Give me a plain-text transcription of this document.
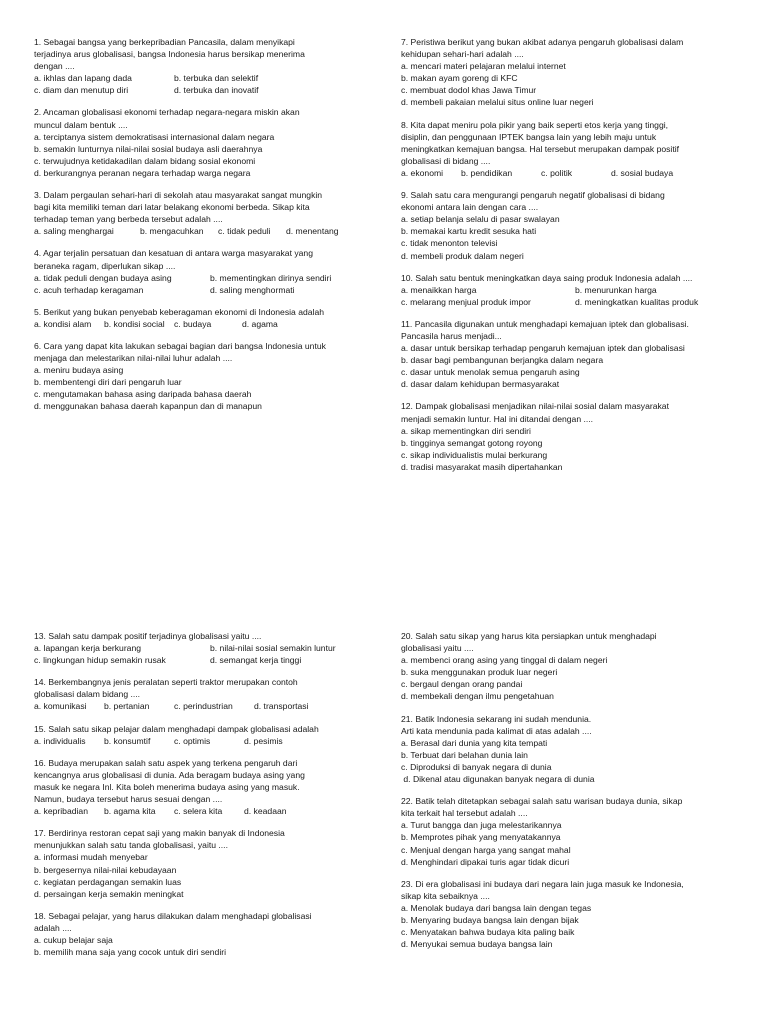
1. Sebagai bangsa yang berkepribadian Pancasila, dalam menyikapi
terjadinya arus globalisasi, bangsa Indonesia harus bersikap menerima
dengan ....
a. ikhlas dan lapang dada	b. terbuka dan selektif
c. diam dan menutup diri	d. terbuka dan inovatif
2. Ancaman globalisasi ekonomi terhadap negara-negara miskin akan
muncul dalam bentuk ....
a. terciptanya sistem demokratisasi internasional dalam negara
b. semakin lunturnya nilai-nilai sosial budaya asli daerahnya
c. terwujudnya ketidakadilan dalam bidang sosial ekonomi
d. berkurangnya peranan negara terhadap warga negara
3. Dalam pergaulan sehari-hari di sekolah atau masyarakat sangat mungkin
bagi kita memiliki teman dari latar belakang ekonomi berbeda. Sikap kita
terhadap teman yang berbeda tersebut adalah ....
a. saling menghargai	b. mengacuhkan c. tidak peduli d. menentang
4. Agar terjalin persatuan dan kesatuan di antara warga masyarakat yang
beraneka ragam, diperlukan sikap ....
a. tidak peduli dengan budaya asing	b. mementingkan dirinya sendiri
c. acuh terhadap keragaman	d. saling menghormati
5. Berikut yang bukan penyebab keberagaman ekonomi di Indonesia adalah
a. kondisi alam b. kondisi social c. budaya	d. agama
6. Cara yang dapat kita lakukan sebagai bagian dari bangsa Indonesia untuk
menjaga dan melestarikan nilai-nilai luhur adalah ....
a. meniru budaya asing
b. membentengi diri dari pengaruh luar
c. mengutamakan bahasa asing daripada bahasa daerah
d. menggunakan bahasa daerah kapanpun dan di manapun
7. Peristiwa berikut yang bukan akibat adanya pengaruh globalisasi dalam
kehidupan sehari-hari adalah ....
a. mencari materi pelajaran melalui internet
b. makan ayam goreng di KFC
c. membuat dodol khas Jawa Timur
d. membeli pakaian melalui situs online luar negeri
8. Kita dapat meniru pola pikir yang baik seperti etos kerja yang tinggi,
disiplin, dan penggunaan IPTEK bangsa lain yang lebih maju untuk
meningkatkan kemajuan bangsa. Hal tersebut merupakan dampak positif
globalisasi di bidang ....
a. ekonomi b. pendidikan	c. politik	d. sosial budaya
9. Salah satu cara mengurangi pengaruh negatif globalisasi di bidang
ekonomi antara lain dengan cara ....
a. setiap belanja selalu di pasar swalayan
b. memakai kartu kredit sesuka hati
c. tidak menonton televisi
d. membeli produk dalam negeri
10. Salah satu bentuk meningkatkan daya saing produk Indonesia adalah ....
a. menaikkan harga	b. menurunkan harga
c. melarang menjual produk impor	d. meningkatkan kualitas produk
11. Pancasila digunakan untuk menghadapi kemajuan iptek dan globalisasi.
Pancasila harus menjadi...
a. dasar untuk bersikap terhadap pengaruh kemajuan iptek dan globalisasi
b. dasar bagi pembangunan berjangka dalam negara
c. dasar untuk menolak semua pengaruh asing
d. dasar dalam kehidupan bermasyarakat
12. Dampak globalisasi menjadikan nilai-nilai sosial dalam masyarakat
menjadi semakin luntur. Hal ini ditandai dengan ....
a. sikap mementingkan diri sendiri
b. tingginya semangat gotong royong
c. sikap individualistis mulai berkurang
d. tradisi masyarakat masih dipertahankan
13. Salah satu dampak positif terjadinya globalisasi yaitu ....
a. lapangan kerja berkurang	b. nilai-nilai sosial semakin luntur
c. lingkungan hidup semakin rusak	d. semangat kerja tinggi
14. Berkembangnya jenis peralatan seperti traktor merupakan contoh
globalisasi dalam bidang ....
a. komunikasi b. pertanian	c. perindustrian d. transportasi
15. Salah satu sikap pelajar dalam menghadapi dampak globalisasi adalah
a. individualis b. konsumtif	c. optimis	d. pesimis
16. Budaya merupakan salah satu aspek yang terkena pengaruh dari
kencangnya arus globalisasi di dunia. Ada beragam budaya asing yang
masuk ke negara Inl. Kita boleh menerima budaya asing yang masuk.
Namun, budaya tersebut harus sesuai dengan ....
a. kepribadian b. agama kita c. selera kita	d. keadaan
17. Berdirinya restoran cepat saji yang makin banyak di Indonesia
menunjukkan salah satu tanda globalisasi, yaitu ....
a. informasi mudah menyebar
b. bergesernya nilai-nilai kebudayaan
c. kegiatan perdagangan semakin luas
d. persaingan kerja semakin meningkat
18. Sebagai pelajar, yang harus dilakukan dalam menghadapi globalisasi
adalah ....
a. cukup belajar saja
b. memilih mana saja yang cocok untuk diri sendiri
20. Salah satu sikap yang harus kita persiapkan untuk menghadapi
globalisasi yaitu ....
a. membenci orang asing yang tinggal di dalam negeri
b. suka menggunakan produk luar negeri
c. bergaul dengan orang pandai
d. membekali dengan ilmu pengetahuan
21. Batik Indonesia sekarang ini sudah mendunia.
Arti kata mendunia pada kalimat di atas adalah ....
a. Berasal dari dunia yang kita tempati
b. Terbuat dari belahan dunia lain
c. Diproduksi di banyak negara di dunia
d. Dikenal atau digunakan banyak negara di dunia
22. Batik telah ditetapkan sebagai salah satu warisan budaya dunia, sikap
kita terkait hal tersebut adalah ....
a. Turut bangga dan juga melestarikannya
b. Memprotes pihak yang menyatakannya
c. Menjual dengan harga yang sangat mahal
d. Menghindari dipakai turis agar tidak dicuri
23. Di era globalisasi ini budaya dari negara lain juga masuk ke Indonesia,
sikap kita sebaiknya ....
a. Menolak budaya dari bangsa lain dengan tegas
b. Menyaring budaya bangsa lain dengan bijak
c. Menyatakan bahwa budaya kita paling baik
d. Menyukai semua budaya bangsa lain
